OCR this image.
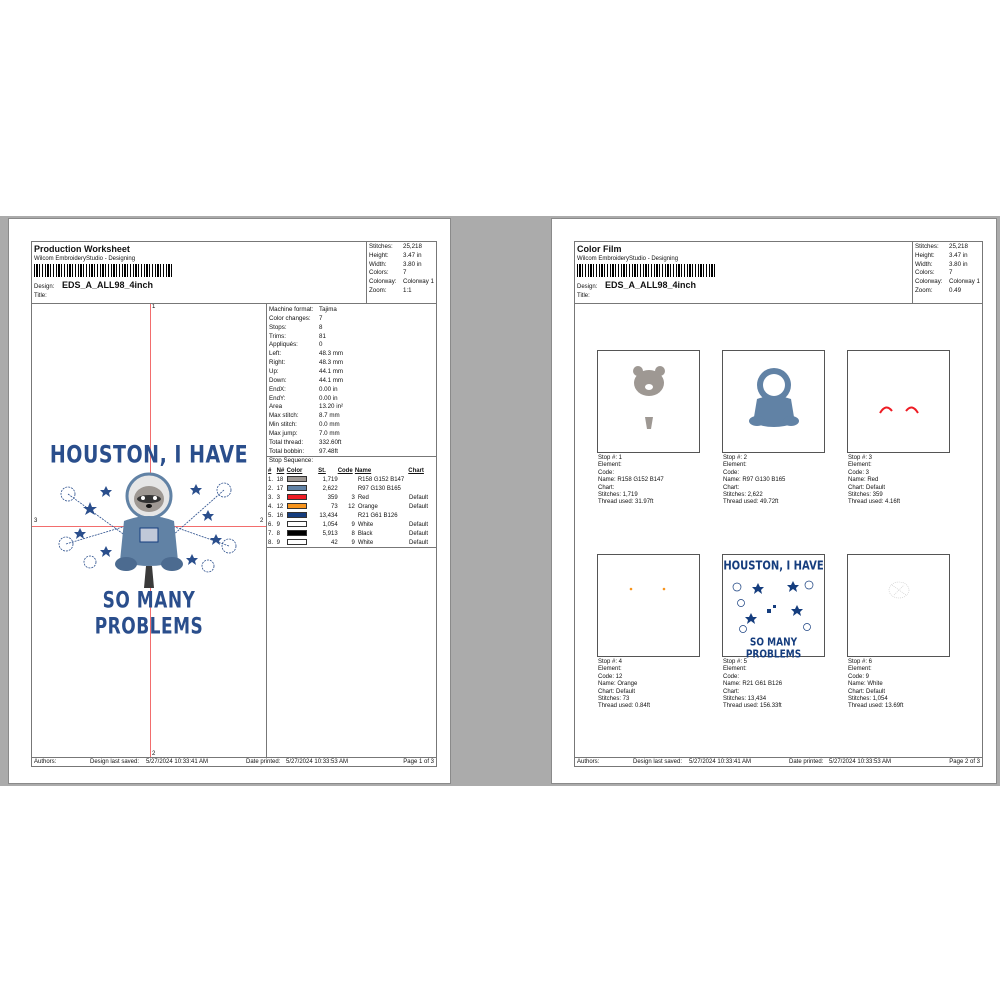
Production Worksheet
Wilcom EmbroideryStudio - Designing
Design: EDS_A_ALL98_4inch
Title:
Stitches:	25,218
Height:	3.47 in
Width:	3.80 in
Colors:	7
Colorway:	Colorway 1
Zoom:	1:1
1
3	2
2
HOUSTON, I HAVE
SO MANY PROBLEMS
Machine format: Tajima
Color changes: 7
Stops:	8
Trims:	81
Appliqués:	0
Left:	48.3 mm
Right:	48.3 mm
Up:	44.1 mm
Down:	44.1 mm
EndX:	0.00 in
EndY:	0.00 in
Area	13.20 in²
Max stitch:	8.7 mm
Min stitch:	0.0 mm
Max jump:	7.0 mm
Total thread:	332.60ft
Total bobbin: 97.48ft
Stop Sequence:
#	N#	Color	St.	Code	Name	Chart
1.	18		1,719		R158 G152 B147	
2.	17		2,622		R97 G130 B165	
3.	3		359	3	Red	Default
4.	12		73	12	Orange	Default
5.	16		13,434		R21 G61 B126	
6.	9		1,054	9	White	Default
7.	8		5,913	8	Black	Default
8.	9		42	9	White	Default
Authors:	Design last saved: 5/27/2024 10:33:41 AM	Date printed: 5/27/2024 10:33:53 AM	Page 1 of 3
Color Film
Wilcom EmbroideryStudio - Designing
Design: EDS_A_ALL98_4inch
Title:
Stitches:	25,218
Height:	3.47 in
Width:	3.80 in
Colors:	7
Colorway:	Colorway 1
Zoom:	0.49
Stop #: 1
Element:
Code:
Name: R158 G152 B147
Chart:
Stitches: 1,719
Thread used: 31.97ft
Stop #: 2
Element:
Code:
Name: R97 G130 B165
Chart:
Stitches: 2,622
Thread used: 49.72ft
Stop #: 3
Element:
Code: 3
Name: Red
Chart: Default
Stitches: 359
Thread used: 4.16ft
Stop #: 4
Element:
Code: 12
Name: Orange
Chart: Default
Stitches: 73
Thread used: 0.84ft
HOUSTON, I HAVE
SO MANY PROBLEMS
Stop #: 5
Element:
Code:
Name: R21 G61 B126
Chart:
Stitches: 13,434
Thread used: 156.33ft
Stop #: 6
Element:
Code: 9
Name: White
Chart: Default
Stitches: 1,054
Thread used: 13.69ft
Authors:	Design last saved: 5/27/2024 10:33:41 AM	Date printed: 5/27/2024 10:33:53 AM	Page 2 of 3
